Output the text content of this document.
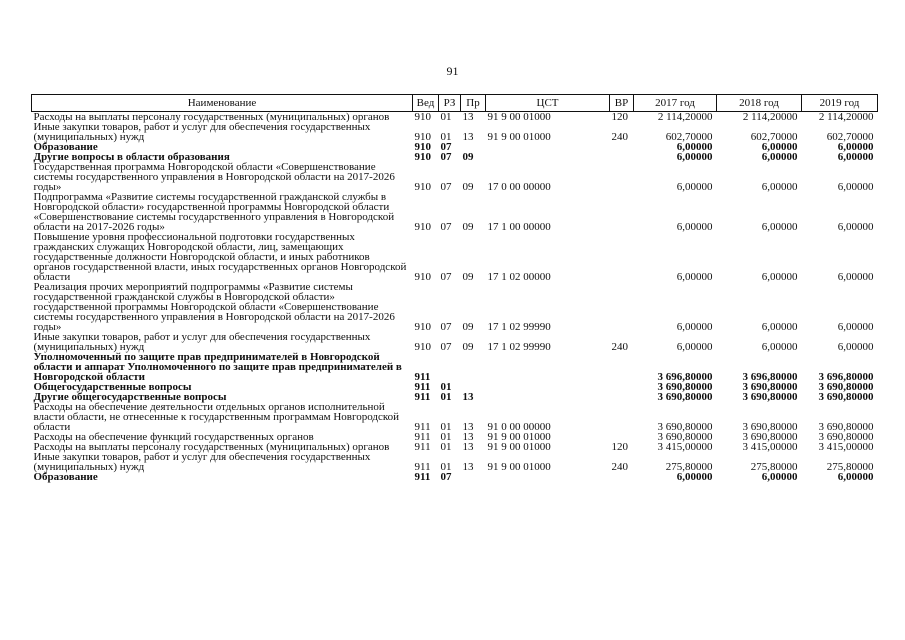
91
Наименование	Вед	РЗ	Пр	ЦСТ	ВР	2017 год	2018 год	2019 год
Расходы на выплаты персоналу государственных (муниципальных) органов	910	01	13	91 9 00 01000	120	2 114,20000	2 114,20000	2 114,20000
Иные закупки товаров, работ и услуг для обеспечения государственных (муниципальных) нужд	910	01	13	91 9 00 01000	240	602,70000	602,70000	602,70000
Образование	910	07				6,00000	6,00000	6,00000
Другие вопросы в области образования	910	07	09			6,00000	6,00000	6,00000
Государственная программа Новгородской области «Совершенствование системы государственного управления в Новгородской области на 2017-2026 годы»	910	07	09	17 0 00 00000		6,00000	6,00000	6,00000
Подпрограмма «Развитие системы государственной гражданской службы в Новгородской области» государственной программы Новгородской области «Совершенствование системы государственного управления в Новгородской области на 2017-2026 годы»	910	07	09	17 1 00 00000		6,00000	6,00000	6,00000
Повышение уровня профессиональной подготовки государственных гражданских служащих Новгородской области, лиц, замещающих государственные должности Новгородской области, и иных работников органов государственной власти, иных государственных органов Новгородской области	910	07	09	17 1 02 00000		6,00000	6,00000	6,00000
Реализация прочих мероприятий подпрограммы «Развитие системы государственной гражданской службы в Новгородской области» государственной программы Новгородской области «Совершенствование системы государственного управления в Новгородской области на 2017-2026 годы»	910	07	09	17 1 02 99990		6,00000	6,00000	6,00000
Иные закупки товаров, работ и услуг для обеспечения государственных (муниципальных) нужд	910	07	09	17 1 02 99990	240	6,00000	6,00000	6,00000
Уполномоченный по защите прав предпринимателей в Новгородской области и аппарат Уполномоченного по защите прав предпринимателей в Новгородской области	911					3 696,80000	3 696,80000	3 696,80000
Общегосударственные вопросы	911	01				3 690,80000	3 690,80000	3 690,80000
Другие общегосударственные вопросы	911	01	13			3 690,80000	3 690,80000	3 690,80000
Расходы на обеспечение деятельности отдельных органов исполнительной власти области, не отнесенные к государственным программам Новгородской области	911	01	13	91 0 00 00000		3 690,80000	3 690,80000	3 690,80000
Расходы на обеспечение функций государственных органов	911	01	13	91 9 00 01000		3 690,80000	3 690,80000	3 690,80000
Расходы на выплаты персоналу государственных (муниципальных) органов	911	01	13	91 9 00 01000	120	3 415,00000	3 415,00000	3 415,00000
Иные закупки товаров, работ и услуг для обеспечения государственных (муниципальных) нужд	911	01	13	91 9 00 01000	240	275,80000	275,80000	275,80000
Образование	911	07				6,00000	6,00000	6,00000
